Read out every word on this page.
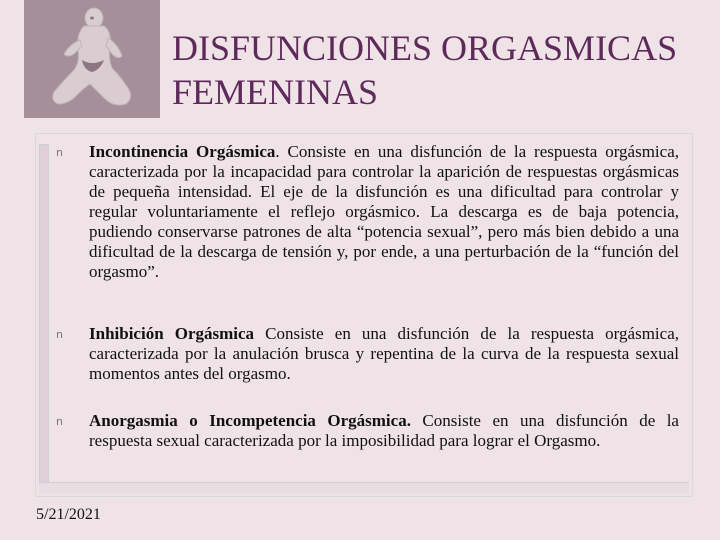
DISFUNCIONES ORGASMICAS
FEMENINAS
n Incontinencia Orgásmica. Consiste en una disfunción de la respuesta orgásmica, caracterizada por la incapacidad para controlar la aparición de respuestas orgásmicas de pequeña intensidad. El eje de la disfunción es una dificultad para controlar y regular voluntariamente el reflejo orgásmico. La descarga es de baja potencia, pudiendo conservarse patrones de alta “potencia sexual”, pero más bien debido a una dificultad de la descarga de tensión y, por ende, a una perturbación de la “función del orgasmo”.
n Inhibición Orgásmica Consiste en una disfunción de la respuesta orgásmica, caracterizada por la anulación brusca y repentina de la curva de la respuesta sexual momentos antes del orgasmo.
n Anorgasmia o Incompetencia Orgásmica. Consiste en una disfunción de la respuesta sexual caracterizada por la imposibilidad para lograr el Orgasmo.
5/21/2021
